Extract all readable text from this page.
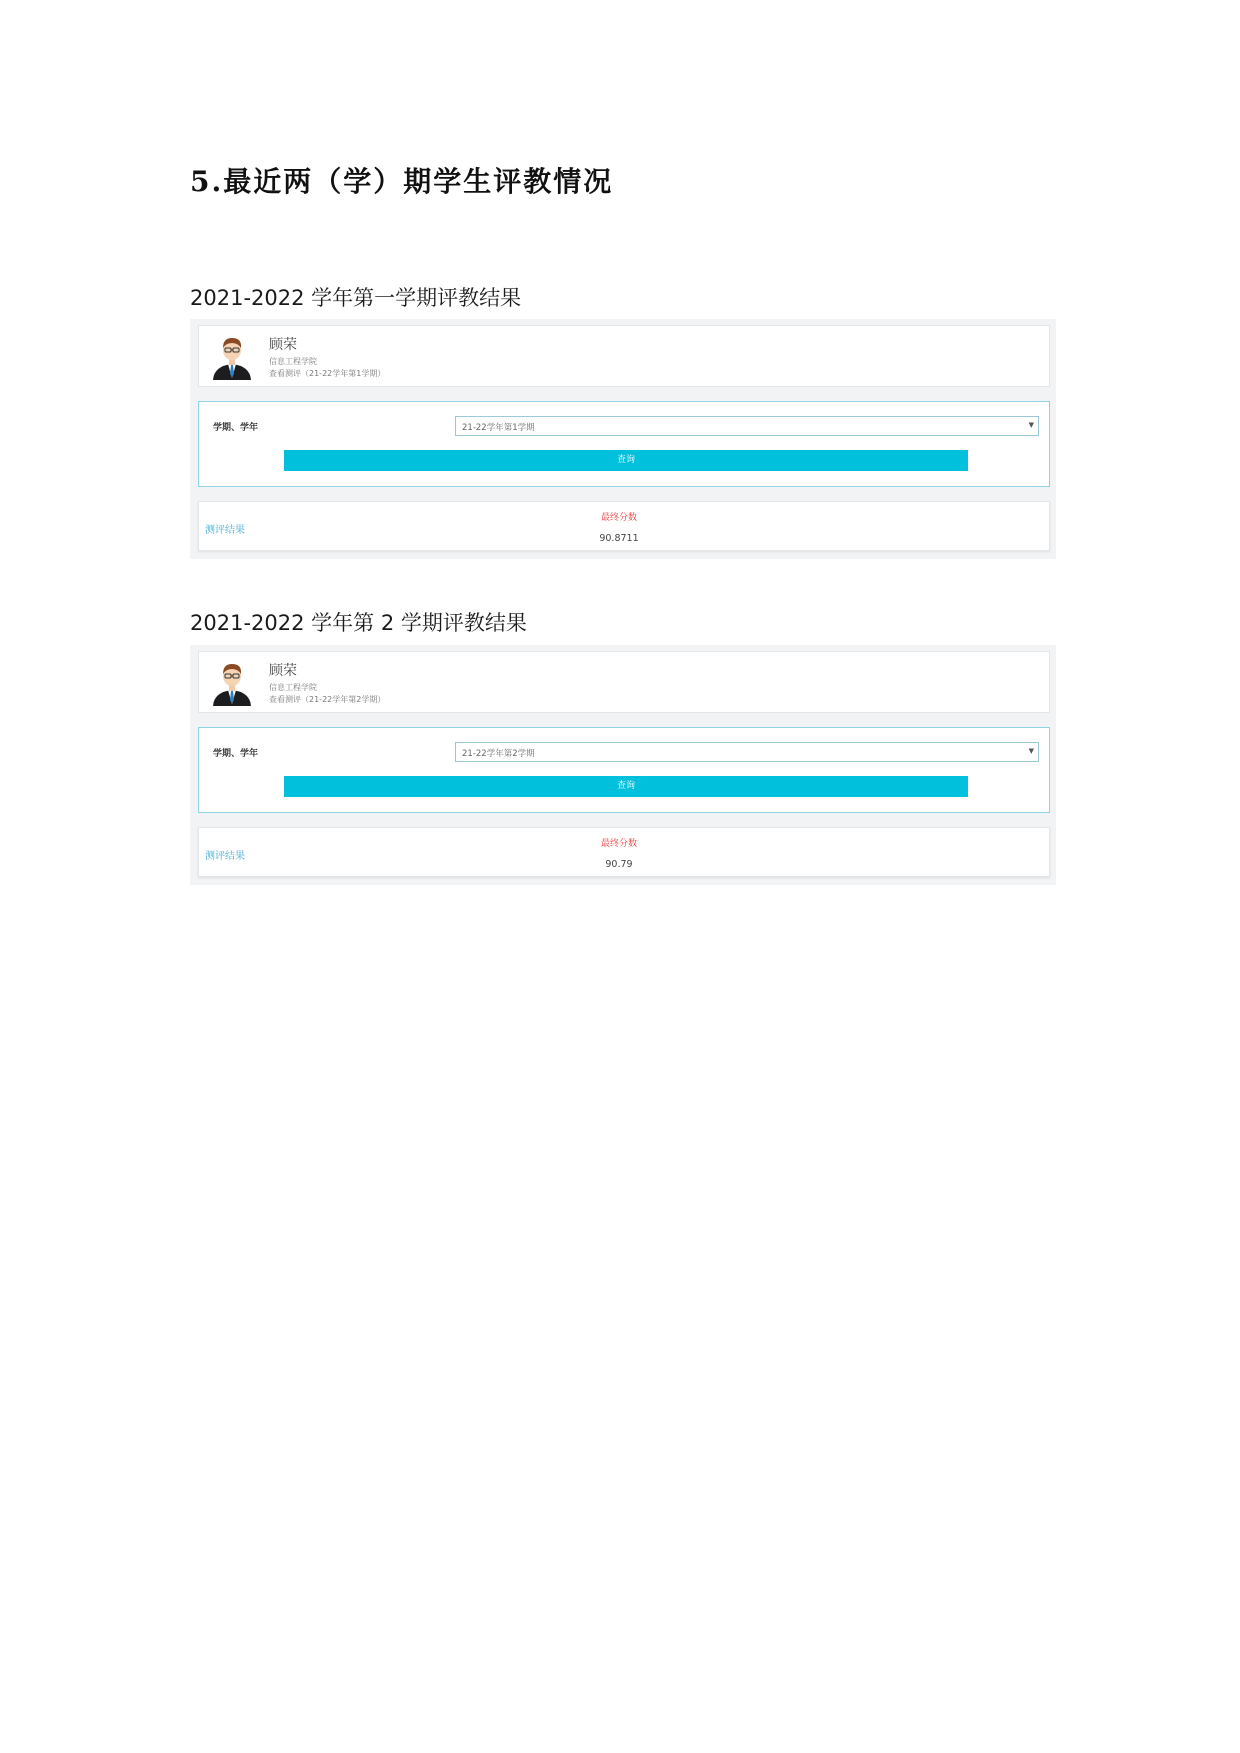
5.最近两（学）期学生评教情况
2021-2022 学年第一学期评教结果
顾荣
信息工程学院
查看测评（21-22学年第1学期）
学期、学年	21-22学年第1学期	▼
查询
测评结果
最终分数
90.8711
2021-2022 学年第 2 学期评教结果
顾荣
信息工程学院
查看测评（21-22学年第2学期）
学期、学年	21-22学年第2学期	▼
查询
测评结果
最终分数
90.79
